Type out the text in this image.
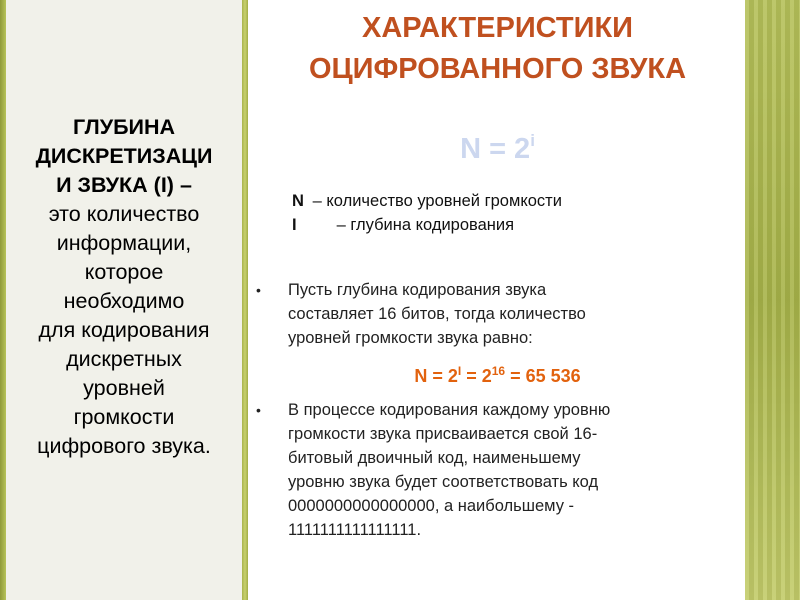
ГЛУБИНА
ДИСКРЕТИЗАЦИ
И ЗВУКА (I) –
это количество
информации,
которое
необходимо
для кодирования
дискретных
уровней
громкости
цифрового звука.
ХАРАКТЕРИСТИКИ
ОЦИФРОВАННОГО ЗВУКА
$N = 2^i$
N – количество уровней громкости
I – глубина кодирования
• Пусть глубина кодирования звука
составляет 16 битов, тогда количество
уровней громкости звука равно:
$N = 2^I = 2^{16} = 65$ 536
• В процессе кодирования каждому уровню
громкости звука присваивается свой 16-
битовый двоичный код, наименьшему
уровню звука будет соответствовать код
0000000000000000, а наибольшему -
1111111111111111.
